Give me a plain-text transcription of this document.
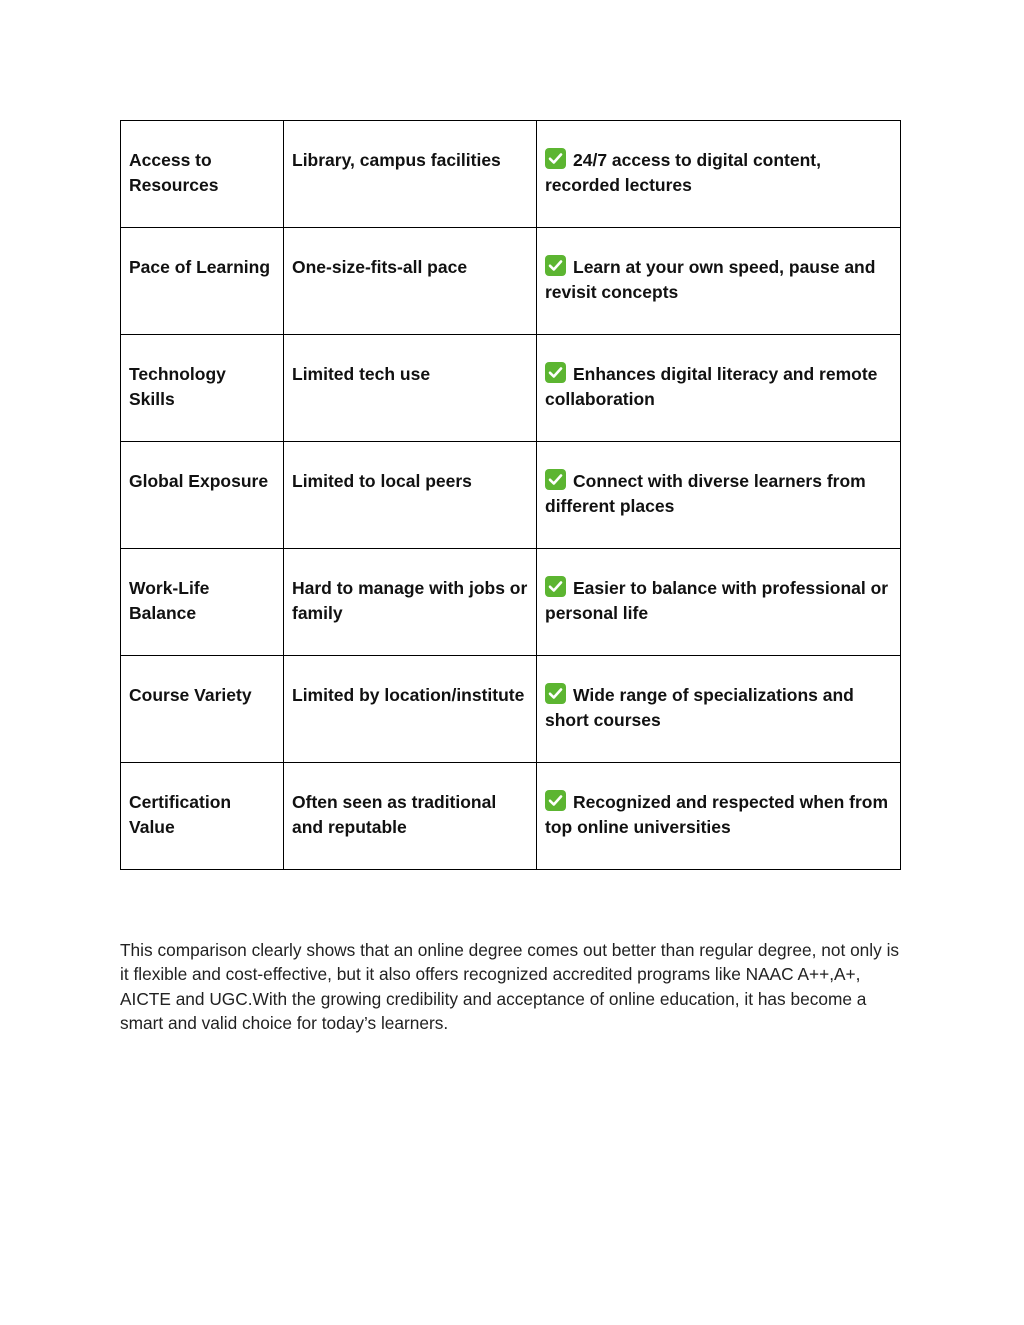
Access to Resources	Library, campus facilities	24/7 access to digital content, recorded lectures
Pace of Learning	One-size-fits-all pace	Learn at your own speed, pause and revisit concepts
Technology Skills	Limited tech use	Enhances digital literacy and remote collaboration
Global Exposure	Limited to local peers	Connect with diverse learners from different places
Work-Life Balance	Hard to manage with jobs or family	Easier to balance with professional or personal life
Course Variety	Limited by location/institute	Wide range of specializations and short courses
Certification Value	Often seen as traditional and reputable	Recognized and respected when from top online universities

This comparison clearly shows that an online degree comes out better than regular degree, not only is it flexible and cost-effective, but it also offers recognized accredited programs like NAAC A++,A+, AICTE and UGC.With the growing credibility and acceptance of online education, it has become a smart and valid choice for today’s learners.
